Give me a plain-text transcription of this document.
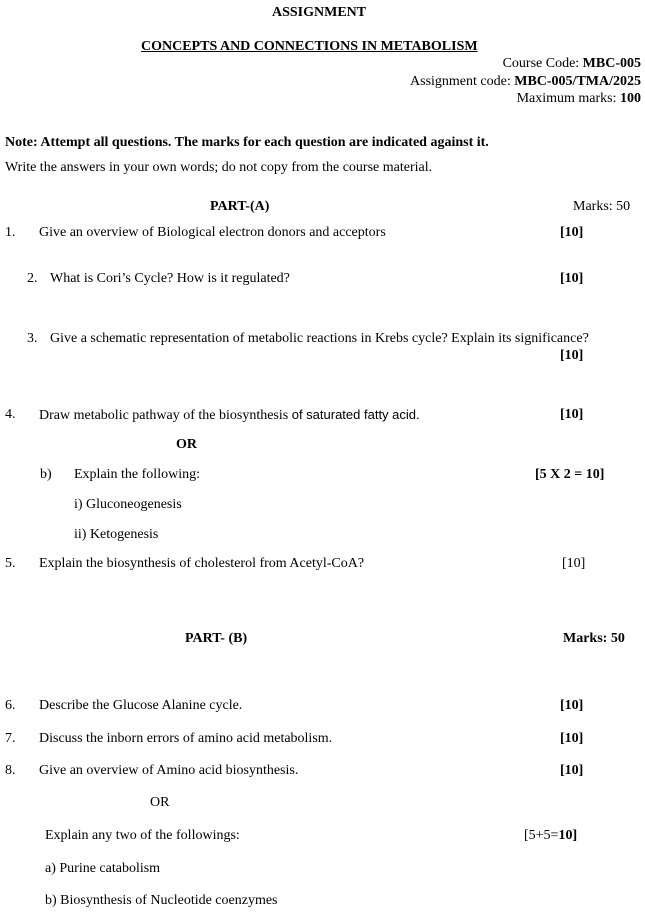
ASSIGNMENT
CONCEPTS AND CONNECTIONS IN METABOLISM
Course Code: MBC-005
Assignment code: MBC-005/TMA/2025
Maximum marks: 100
Note: Attempt all questions. The marks for each question are indicated against it.
Write the answers in your own words; do not copy from the course material.
PART-(A)	Marks: 50
1. Give an overview of Biological electron donors and acceptors	[10]
2. What is Cori’s Cycle? How is it regulated?	[10]
3. Give a schematic representation of metabolic reactions in Krebs cycle? Explain its significance?
[10]
4. Draw metabolic pathway of the biosynthesis of saturated fatty acid.	[10]
OR
b) Explain the following:	[5 X 2 = 10]
i) Gluconeogenesis
ii) Ketogenesis
5. Explain the biosynthesis of cholesterol from Acetyl-CoA?	[10]
PART- (B)	Marks: 50
6. Describe the Glucose Alanine cycle.	[10]
7. Discuss the inborn errors of amino acid metabolism.	[10]
8. Give an overview of Amino acid biosynthesis.	[10]
OR
Explain any two of the followings:	[5+5=10]
a) Purine catabolism
b) Biosynthesis of Nucleotide coenzymes
